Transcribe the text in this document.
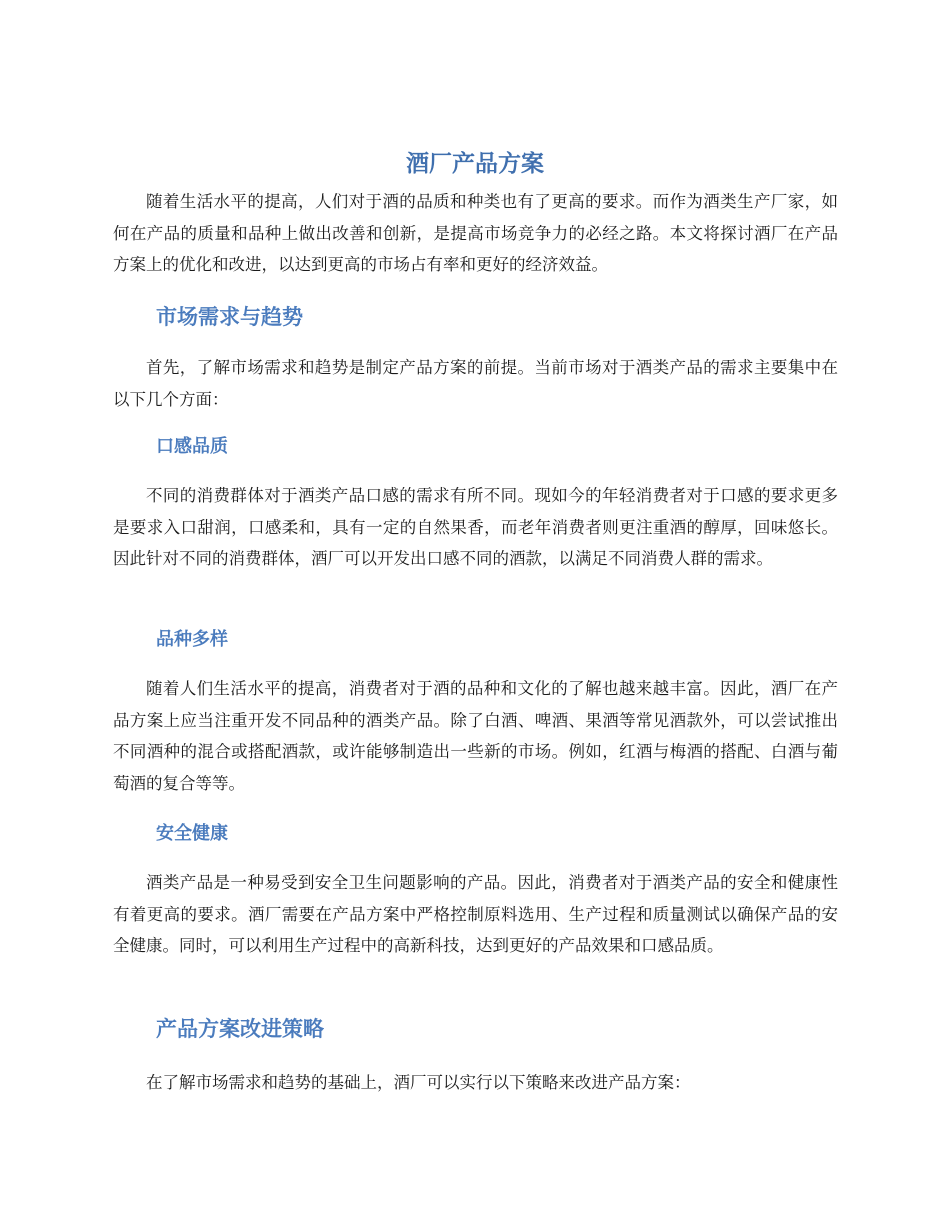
酒厂产品方案

随着生活水平的提高，人们对于酒的品质和种类也有了更高的要求。而作为酒类生产厂家，如何在产品的质量和品种上做出改善和创新，是提高市场竞争力的必经之路。本文将探讨酒厂在产品方案上的优化和改进，以达到更高的市场占有率和更好的经济效益。

市场需求与趋势

首先，了解市场需求和趋势是制定产品方案的前提。当前市场对于酒类产品的需求主要集中在以下几个方面：

口感品质

不同的消费群体对于酒类产品口感的需求有所不同。现如今的年轻消费者对于口感的要求更多是要求入口甜润，口感柔和，具有一定的自然果香，而老年消费者则更注重酒的醇厚，回味悠长。因此针对不同的消费群体，酒厂可以开发出口感不同的酒款，以满足不同消费人群的需求。

品种多样

随着人们生活水平的提高，消费者对于酒的品种和文化的了解也越来越丰富。因此，酒厂在产品方案上应当注重开发不同品种的酒类产品。除了白酒、啤酒、果酒等常见酒款外，可以尝试推出不同酒种的混合或搭配酒款，或许能够制造出一些新的市场。例如，红酒与梅酒的搭配、白酒与葡萄酒的复合等等。

安全健康

酒类产品是一种易受到安全卫生问题影响的产品。因此，消费者对于酒类产品的安全和健康性有着更高的要求。酒厂需要在产品方案中严格控制原料选用、生产过程和质量测试以确保产品的安全健康。同时，可以利用生产过程中的高新科技，达到更好的产品效果和口感品质。

产品方案改进策略

在了解市场需求和趋势的基础上，酒厂可以实行以下策略来改进产品方案：
